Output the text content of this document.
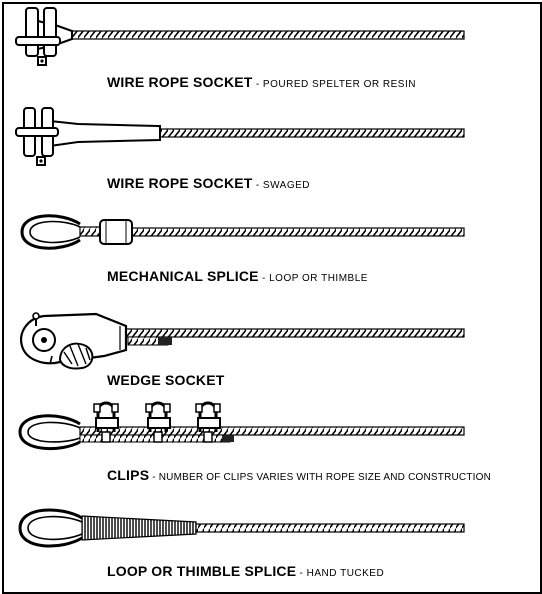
WIRE ROPE SOCKET - POURED SPELTER OR RESIN
WIRE ROPE SOCKET - SWAGED
MECHANICAL SPLICE - LOOP OR THIMBLE
WEDGE SOCKET
CLIPS - NUMBER OF CLIPS VARIES WITH ROPE SIZE AND CONSTRUCTION
LOOP OR THIMBLE SPLICE - HAND TUCKED
